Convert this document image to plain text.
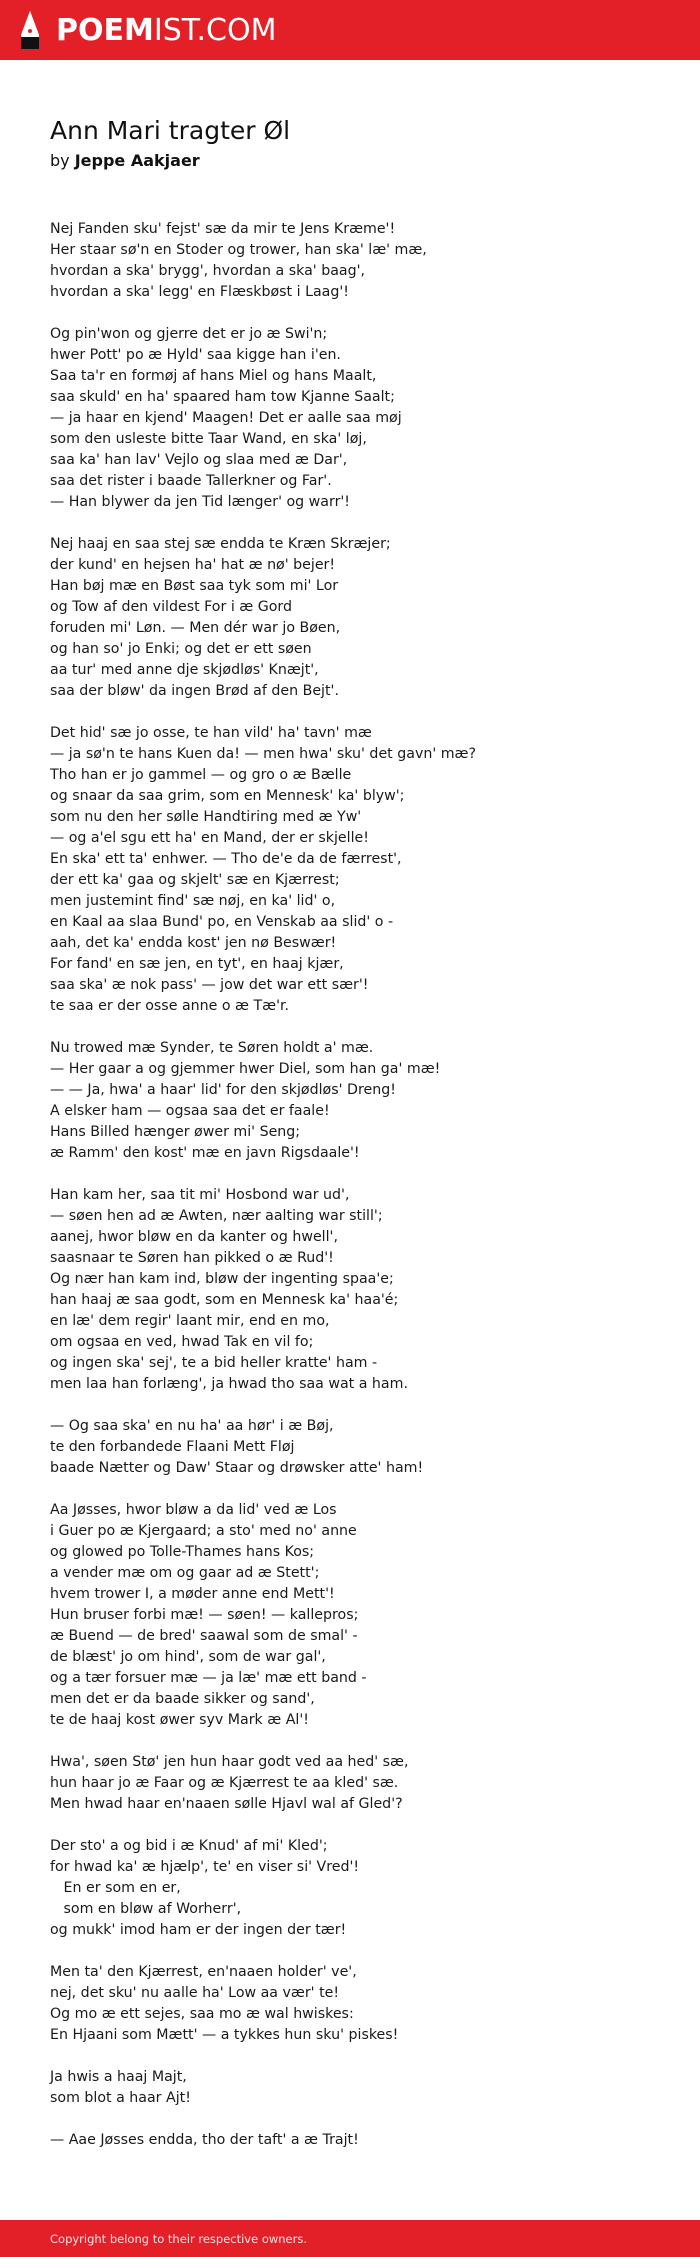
POEMIST.COM
Ann Mari tragter Øl
by Jeppe Aakjaer
Nej Fanden sku' fejst' sæ da mir te Jens Kræme'!
Her staar sø'n en Stoder og trower, han ska' læ' mæ,
hvordan a ska' brygg', hvordan a ska' baag',
hvordan a ska' legg' en Flæskbøst i Laag'!
Og pin'won og gjerre det er jo æ Swi'n;
hwer Pott' po æ Hyld' saa kigge han i'en.
Saa ta'r en formøj af hans Miel og hans Maalt,
saa skuld' en ha' spaared ham tow Kjanne Saalt;
— ja haar en kjend' Maagen! Det er aalle saa møj
som den usleste bitte Taar Wand, en ska' løj,
saa ka' han lav' Vejlo og slaa med æ Dar',
saa det rister i baade Tallerkner og Far'.
— Han blywer da jen Tid længer' og warr'!
Nej haaj en saa stej sæ endda te Kræn Skræjer;
der kund' en hejsen ha' hat æ nø' bejer!
Han bøj mæ en Bøst saa tyk som mi' Lor
og Tow af den vildest For i æ Gord
foruden mi' Løn. — Men dér war jo Bøen,
og han so' jo Enki; og det er ett søen
aa tur' med anne dje skjødløs' Knæjt',
saa der bløw' da ingen Brød af den Bejt'.
Det hid' sæ jo osse, te han vild' ha' tavn' mæ
— ja sø'n te hans Kuen da! — men hwa' sku' det gavn' mæ?
Tho han er jo gammel — og gro o æ Bælle
og snaar da saa grim, som en Mennesk' ka' blyw';
som nu den her sølle Handtiring med æ Yw'
— og a'el sgu ett ha' en Mand, der er skjelle!
En ska' ett ta' enhwer. — Tho de'e da de færrest',
der ett ka' gaa og skjelt' sæ en Kjærrest;
men justemint find' sæ nøj, en ka' lid' o,
en Kaal aa slaa Bund' po, en Venskab aa slid' o -
aah, det ka' endda kost' jen nø Beswær!
For fand' en sæ jen, en tyt', en haaj kjær,
saa ska' æ nok pass' — jow det war ett sær'!
te saa er der osse anne o æ Tæ'r.
Nu trowed mæ Synder, te Søren holdt a' mæ.
— Her gaar a og gjemmer hwer Diel, som han ga' mæ!
— — Ja, hwa' a haar' lid' for den skjødløs' Dreng!
A elsker ham — ogsaa saa det er faale!
Hans Billed hænger øwer mi' Seng;
æ Ramm' den kost' mæ en javn Rigsdaale'!
Han kam her, saa tit mi' Hosbond war ud',
— søen hen ad æ Awten, nær aalting war still';
aanej, hwor bløw en da kanter og hwell',
saasnaar te Søren han pikked o æ Rud'!
Og nær han kam ind, bløw der ingenting spaa'e;
han haaj æ saa godt, som en Mennesk ka' haa'é;
en læ' dem regir' laant mir, end en mo,
om ogsaa en ved, hwad Tak en vil fo;
og ingen ska' sej', te a bid heller kratte' ham -
men laa han forlæng', ja hwad tho saa wat a ham.
— Og saa ska' en nu ha' aa hør' i æ Bøj,
te den forbandede Flaani Mett Fløj
baade Nætter og Daw' Staar og drøwsker atte' ham!
Aa Jøsses, hwor bløw a da lid' ved æ Los
i Guer po æ Kjergaard; a sto' med no' anne
og glowed po Tolle-Thames hans Kos;
a vender mæ om og gaar ad æ Stett';
hvem trower I, a møder anne end Mett'!
Hun bruser forbi mæ! — søen! — kallepros;
æ Buend — de bred' saawal som de smal' -
de blæst' jo om hind', som de war gal',
og a tær forsuer mæ — ja læ' mæ ett band -
men det er da baade sikker og sand',
te de haaj kost øwer syv Mark æ Al'!
Hwa', søen Stø' jen hun haar godt ved aa hed' sæ,
hun haar jo æ Faar og æ Kjærrest te aa kled' sæ.
Men hwad haar en'naaen sølle Hjavl wal af Gled'?
Der sto' a og bid i æ Knud' af mi' Kled';
for hwad ka' æ hjælp', te' en viser si' Vred'!
En er som en er,
som en bløw af Worherr',
og mukk' imod ham er der ingen der tær!
Men ta' den Kjærrest, en'naaen holder' ve',
nej, det sku' nu aalle ha' Low aa vær' te!
Og mo æ ett sejes, saa mo æ wal hwiskes:
En Hjaani som Mætt' — a tykkes hun sku' piskes!
Ja hwis a haaj Majt,
som blot a haar Ajt!
— Aae Jøsses endda, tho der taft' a æ Trajt!
Copyright belong to their respective owners.
